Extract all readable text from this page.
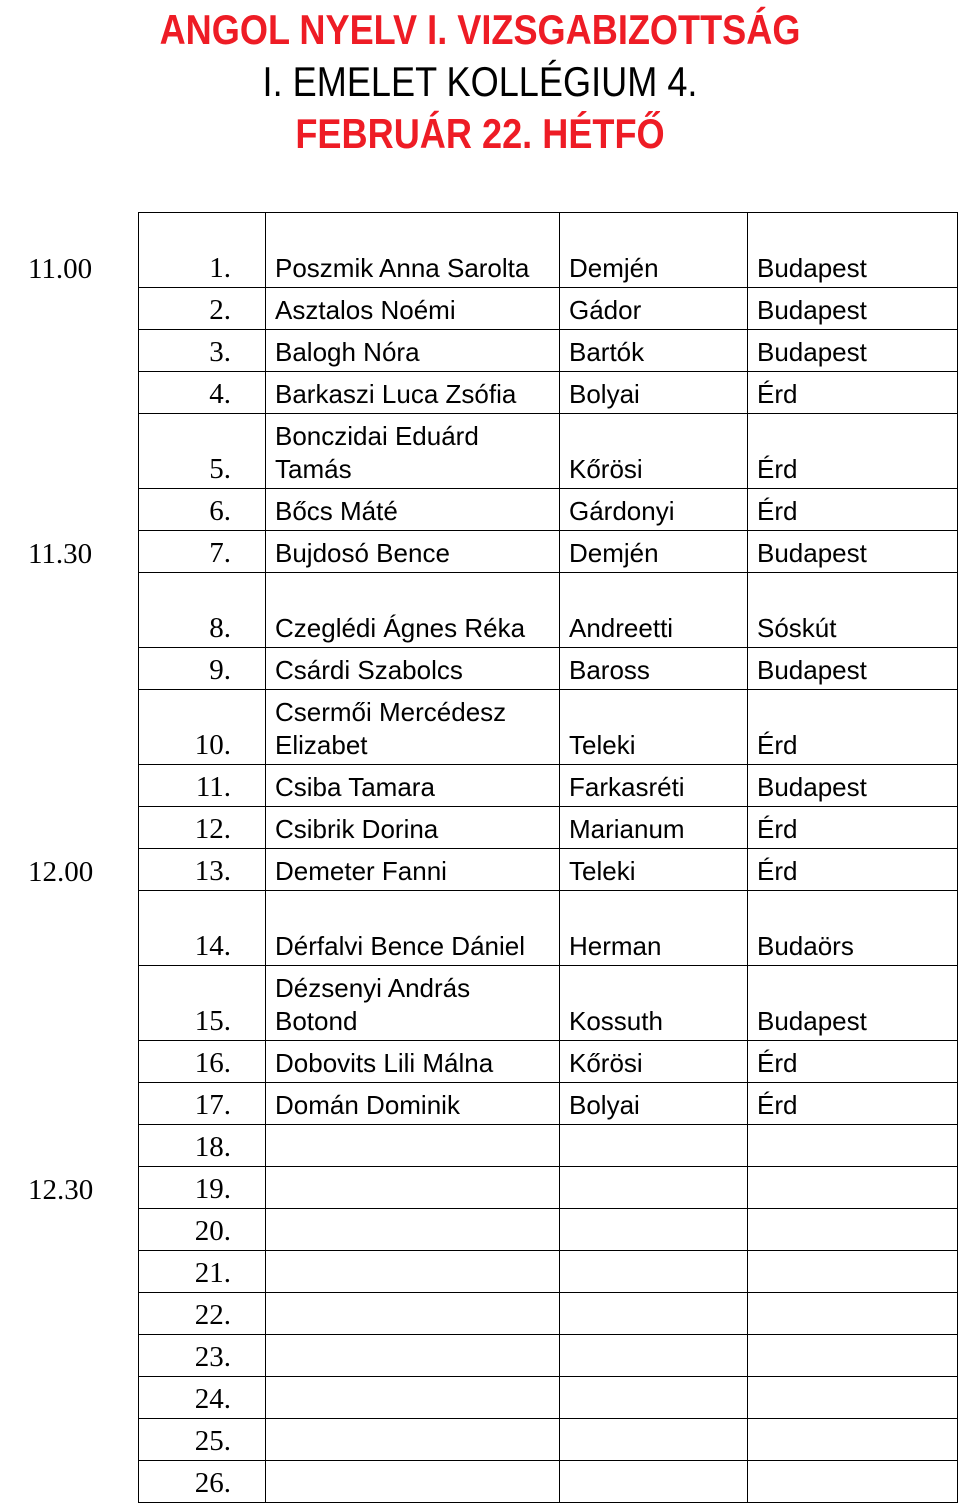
ANGOL NYELV I. VIZSGABIZOTTSÁG
I. EMELET KOLLÉGIUM 4.
FEBRUÁR 22. HÉTFŐ
11.00	1.	Poszmik Anna Sarolta	Demjén	Budapest
	2.	Asztalos Noémi	Gádor	Budapest
	3.	Balogh Nóra	Bartók	Budapest
	4.	Barkaszi Luca Zsófia	Bolyai	Érd
	5.	Bonczidai Eduárd Tamás	Kőrösi	Érd
	6.	Bőcs Máté	Gárdonyi	Érd
11.30	7.	Bujdosó Bence	Demjén	Budapest
	8.	Czeglédi Ágnes Réka	Andreetti	Sóskút
	9.	Csárdi Szabolcs	Baross	Budapest
	10.	Csermői Mercédesz Elizabet	Teleki	Érd
	11.	Csiba Tamara	Farkasréti	Budapest
	12.	Csibrik Dorina	Marianum	Érd
12.00	13.	Demeter Fanni	Teleki	Érd
	14.	Dérfalvi Bence Dániel	Herman	Budaörs
	15.	Dézsenyi András Botond	Kossuth	Budapest
	16.	Dobovits Lili Málna	Kőrösi	Érd
	17.	Domán Dominik	Bolyai	Érd
	18.			
12.30	19.			
	20.			
	21.			
	22.			
	23.			
	24.			
	25.			
	26.			
